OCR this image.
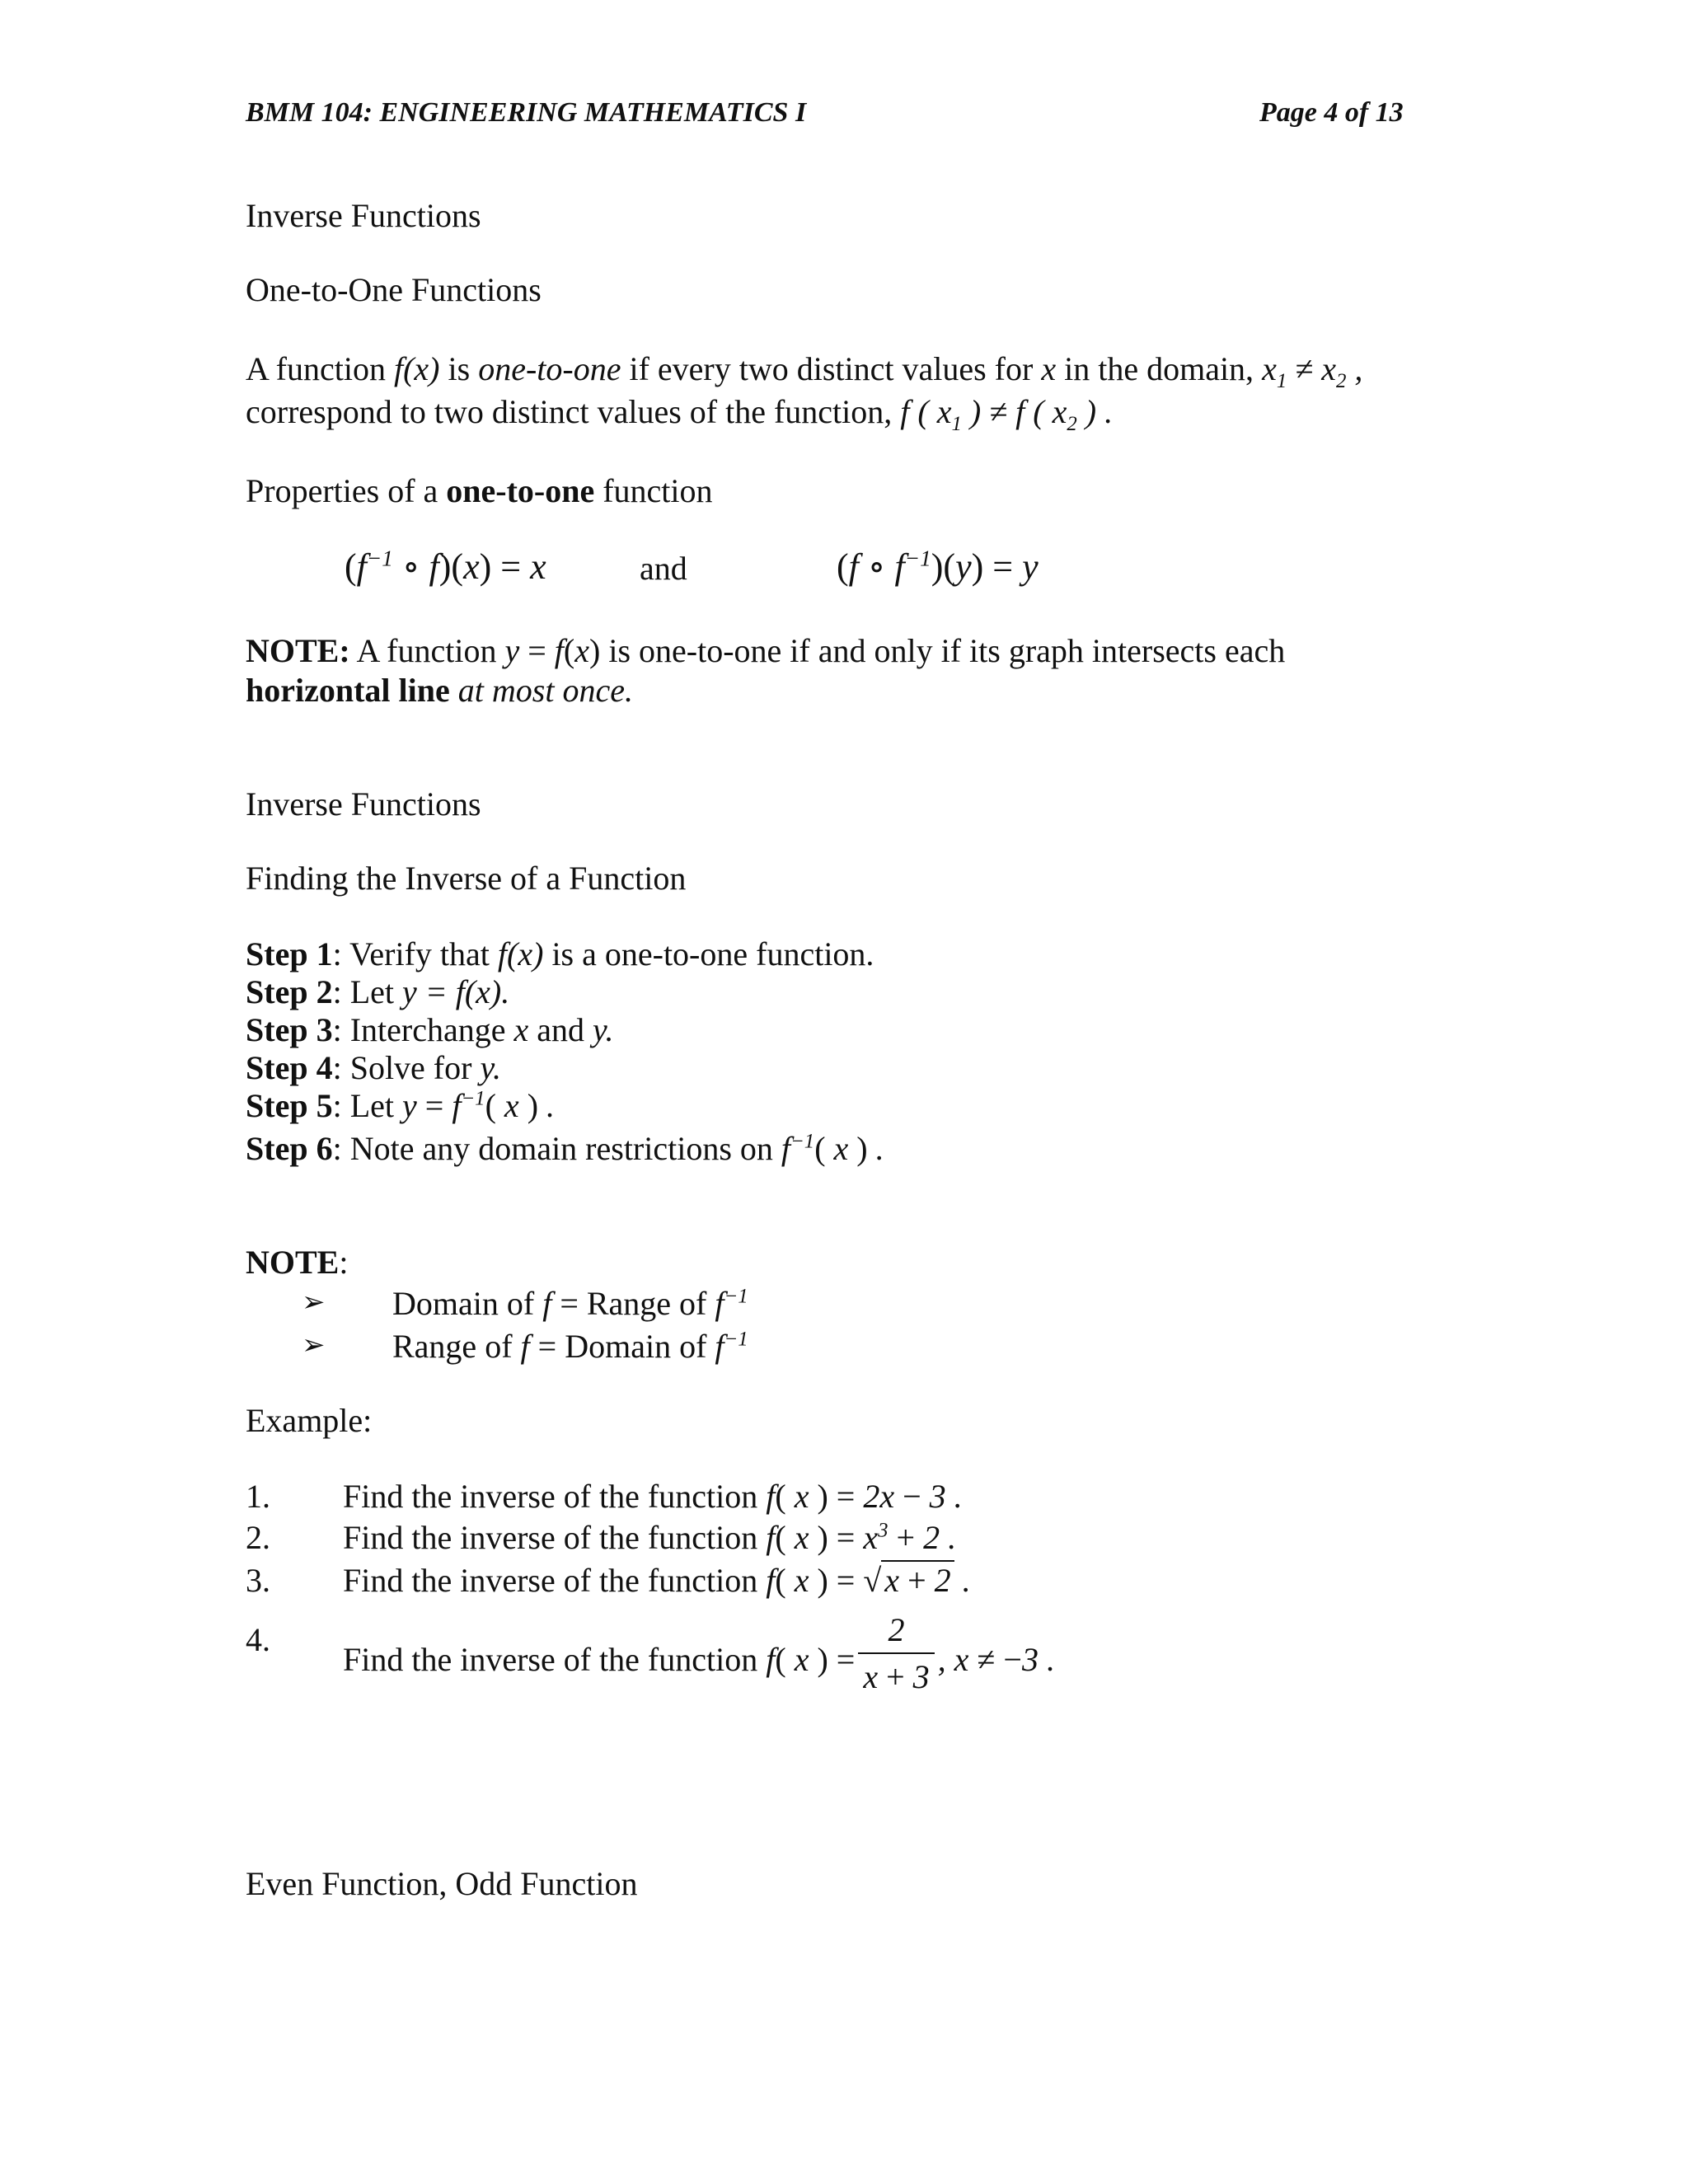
BMM 104: ENGINEERING MATHEMATICS I	Page 4 of 13
Inverse Functions
One-to-One Functions
A function f(x) is one-to-one if every two distinct values for x in the domain, $x_1 \ne x_2$ ,
correspond to two distinct values of the function, f ( $x_1$ ) ≠ f ( $x_2$ ) .
Properties of a one-to-one function
($f^{-1}$ ∘ f)(x) = x	and	(f ∘ $f^{-1})(y) = y$
NOTE: A function y = f(x) is one-to-one if and only if its graph intersects each
horizontal line at most once.
Inverse Functions
Finding the Inverse of a Function
Step 1: Verify that f(x) is a one-to-one function.
Step 2: Let y = f(x).
Step 3: Interchange x and y.
Step 4: Solve for y.
Step 5: Let $y = f^{-1}$( x ) .
Step 6: Note any domain restrictions on $f^{-1}$( x ) .
NOTE:
➢ Domain of f = Range of $f^{-1}$
➢ Range of f = Domain of $f^{-1}$
Example:
1. Find the inverse of the function f( x ) = 2x − 3 .
2. Find the inverse of the function f( x ) = $x^3 + 2$ .
3. Find the inverse of the function f( x ) = √ x + 2 .
4.
Find the inverse of the function f( x ) = $\frac{2}{x + 3}$ , x ≠ −3 .
Even Function, Odd Function
